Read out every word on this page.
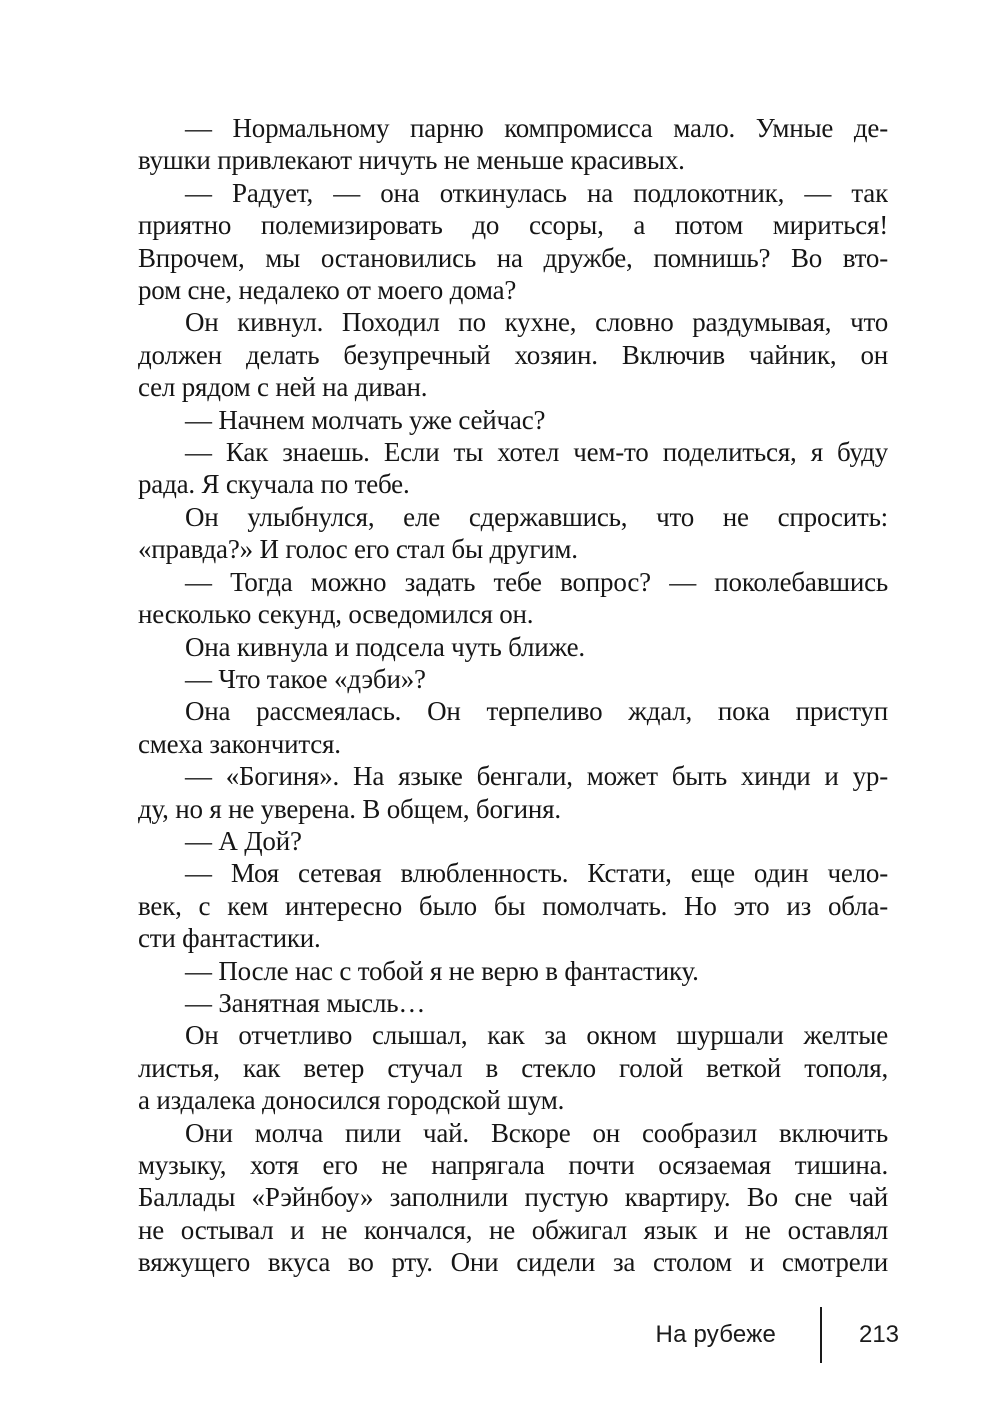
— Нормальному парню компромисса мало. Умные де-
вушки привлекают ничуть не меньше красивых.
— Радует, — она откинулась на подлокотник, — так
приятно полемизировать до ссоры, а потом мириться!
Впрочем, мы остановились на дружбе, помнишь? Во вто-
ром сне, недалеко от моего дома?
Он кивнул. Походил по кухне, словно раздумывая, что
должен делать безупречный хозяин. Включив чайник, он
сел рядом с ней на диван.
— Начнем молчать уже сейчас?
— Как знаешь. Если ты хотел чем-то поделиться, я буду
рада. Я скучала по тебе.
Он улыбнулся, еле сдержавшись, что не спросить:
«правда?» И голос его стал бы другим.
— Тогда можно задать тебе вопрос? — поколебавшись
несколько секунд, осведомился он.
Она кивнула и подсела чуть ближе.
— Что такое «дэби»?
Она рассмеялась. Он терпеливо ждал, пока приступ
смеха закончится.
— «Богиня». На языке бенгали, может быть хинди и ур-
ду, но я не уверена. В общем, богиня.
— А Дой?
— Моя сетевая влюбленность. Кстати, еще один чело-
век, с кем интересно было бы помолчать. Но это из обла-
сти фантастики.
— После нас с тобой я не верю в фантастику.
— Занятная мысль…
Он отчетливо слышал, как за окном шуршали желтые
листья, как ветер стучал в стекло голой веткой тополя,
а издалека доносился городской шум.
Они молча пили чай. Вскоре он сообразил включить
музыку, хотя его не напрягала почти осязаемая тишина.
Баллады «Рэйнбоу» заполнили пустую квартиру. Во сне чай
не остывал и не кончался, не обжигал язык и не оставлял
вяжущего вкуса во рту. Они сидели за столом и смотрели
На рубеже	213
